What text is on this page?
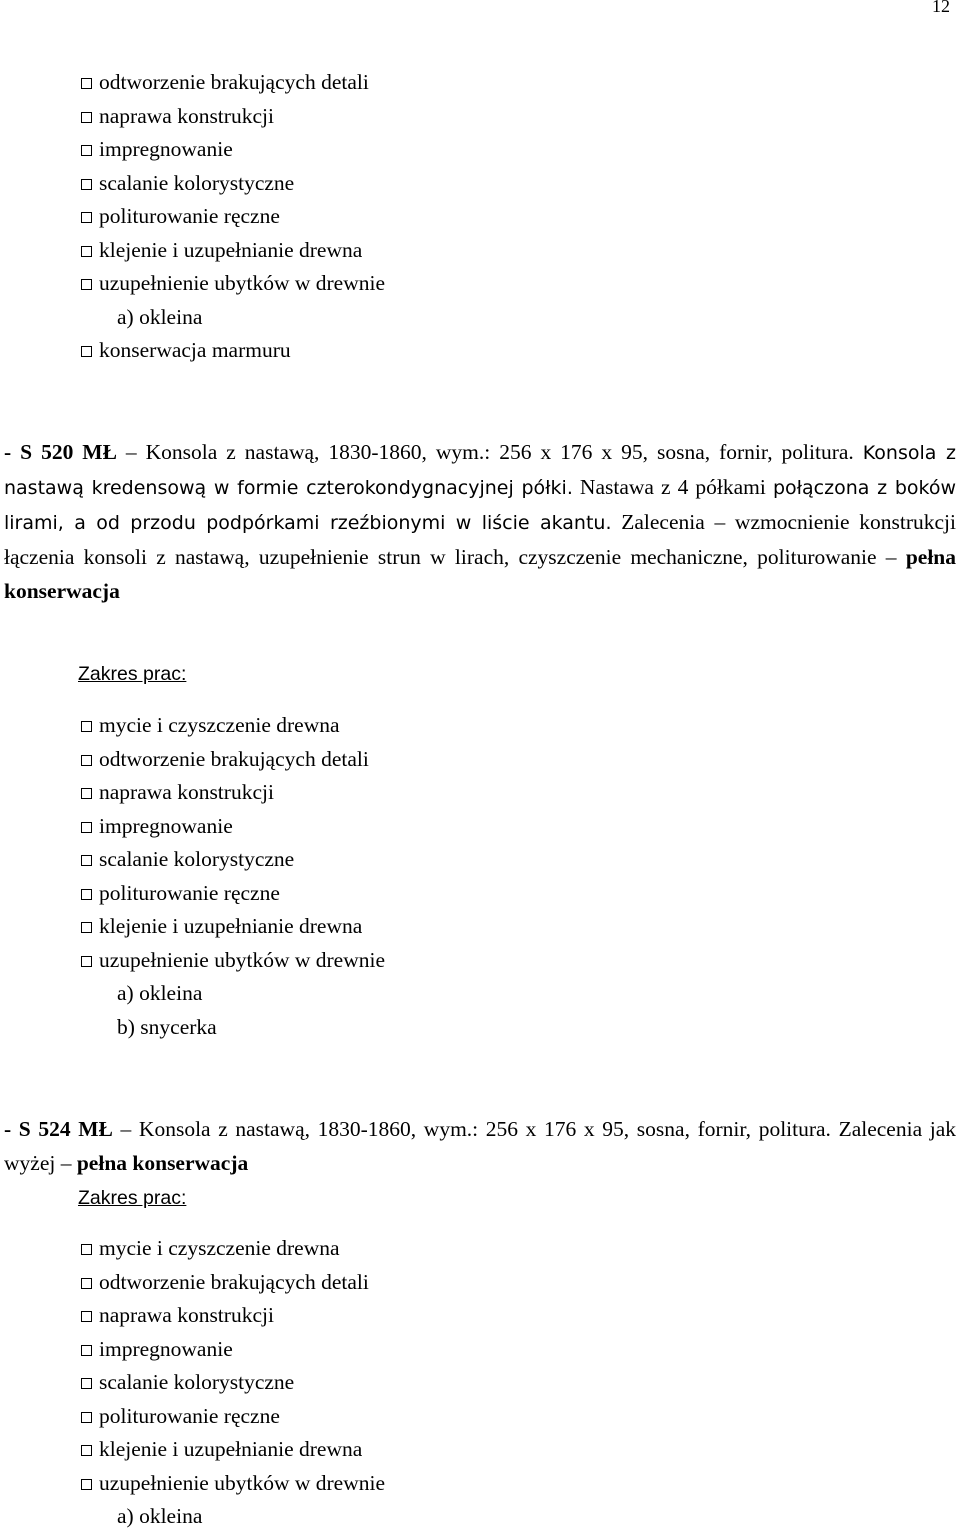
12
odtworzenie brakujących detali
naprawa konstrukcji
impregnowanie
scalanie kolorystyczne
politurowanie ręczne
klejenie i uzupełnianie drewna
uzupełnienie ubytków w drewnie
a) okleina
konserwacja marmuru

- S 520 MŁ – Konsola z nastawą, 1830-1860, wym.: 256 x 176 x 95, sosna, fornir, politura. Konsola z nastawą kredensową w formie czterokondygnacyjnej półki. Nastawa z 4 półkami połączona z boków lirami, a od przodu podpórkami rzeźbionymi w liście akantu. Zalecenia – wzmocnienie konstrukcji łączenia konsoli z nastawą, uzupełnienie strun w lirach, czyszczenie mechaniczne, politurowanie – pełna konserwacja

Zakres prac:
mycie i czyszczenie drewna
odtworzenie brakujących detali
naprawa konstrukcji
impregnowanie
scalanie kolorystyczne
politurowanie ręczne
klejenie i uzupełnianie drewna
uzupełnienie ubytków w drewnie
a) okleina
b) snycerka

- S 524 MŁ – Konsola z nastawą, 1830-1860, wym.: 256 x 176 x 95, sosna, fornir, politura. Zalecenia jak wyżej – pełna konserwacja

Zakres prac:
mycie i czyszczenie drewna
odtworzenie brakujących detali
naprawa konstrukcji
impregnowanie
scalanie kolorystyczne
politurowanie ręczne
klejenie i uzupełnianie drewna
uzupełnienie ubytków w drewnie
a) okleina
